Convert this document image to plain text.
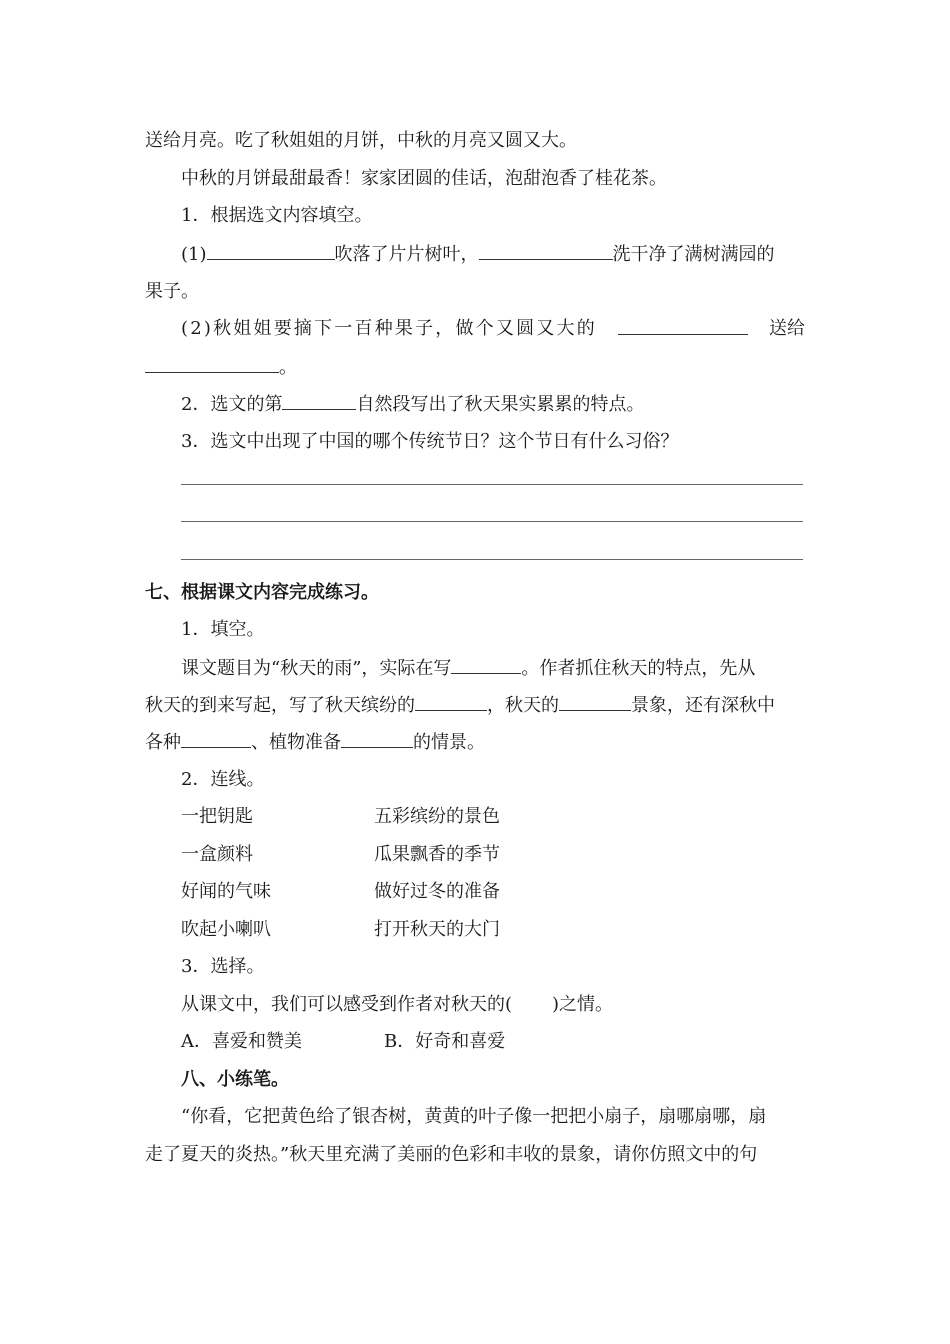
送给月亮。吃了秋姐姐的月饼，中秋的月亮又圆又大。
中秋的月饼最甜最香！家家团圆的佳话，泡甜泡香了桂花茶。
1．根据选文内容填空。
(1)	吹落了片片树叶，	洗干净了满树满园的
果子。
(2)秋姐姐要摘下一百种果子，做个又圆又大的	送给
。
2．选文的第	自然段写出了秋天果实累累的特点。
3．选文中出现了中国的哪个传统节日？这个节日有什么习俗？
七、根据课文内容完成练习。
1．填空。
课文题目为“秋天的雨”，实际在写	。作者抓住秋天的特点，先从
秋天的到来写起，写了秋天缤纷的	，秋天的	景象，还有深秋中
各种	、植物准备	的情景。
2．连线。
一把钥匙	五彩缤纷的景色
一盒颜料	瓜果飘香的季节
好闻的气味	做好过冬的准备
吹起小喇叭	打开秋天的大门
3．选择。
从课文中，我们可以感受到作者对秋天的( )之情。
A．喜爱和赞美	B．好奇和喜爱
八、小练笔。
“你看，它把黄色给了银杏树，黄黄的叶子像一把把小扇子，扇哪扇哪，扇
走了夏天的炎热。”秋天里充满了美丽的色彩和丰收的景象，请你仿照文中的句
